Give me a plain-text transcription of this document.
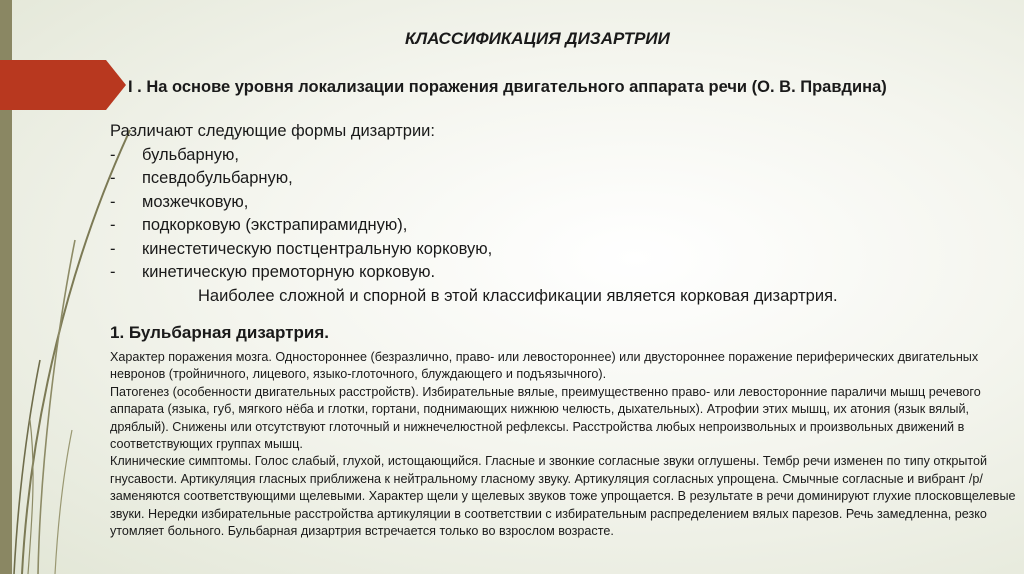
КЛАССИФИКАЦИЯ ДИЗАРТРИИ
I . На основе уровня локализации поражения двигательного аппарата речи (О. В. Правдина)

Различают следующие формы дизартрии:

-	бульбарную,
-	псевдобульбарную,
-	мозжечковую,
-	подкорковую (экстрапирамидную),
-	кинестетическую постцентральную корковую,
-	кинетическую премоторную корковую.
Наиболее сложной и спорной в этой классификации является корковая дизартрия.
1. Бульбарная дизартрия.

Характер поражения мозга. Одностороннее (безразлично, право- или левостороннее) или двустороннее поражение периферических двигательных невронов (тройничного, лицевого, языко-глоточного, блуждающего и подъязычного).

Патогенез (особенности двигательных расстройств). Избирательные вялые, преимущественно право- или левосторонние параличи мышц речевого аппарата (языка, губ, мягкого нёба и глотки, гортани, поднимающих нижнюю челюсть, дыхательных). Атрофии этих мышц, их атония (язык вялый, дряблый). Снижены или отсутствуют глоточный и нижнечелюстной рефлексы. Расстройства любых непроизвольных и произвольных движений в соответствующих группах мышц.

Клинические симптомы. Голос слабый, глухой, истощающийся. Гласные и звонкие согласные звуки оглушены. Тембр речи изменен по типу открытой гнусавости. Артикуляция гласных приближена к нейтральному гласному звуку. Артикуляция согласных упрощена. Смычные согласные и вибрант /р/ заменяются соответствующими щелевыми. Характер щели у щелевых звуков тоже упрощается. В результате в речи доминируют глухие плосковщелевые звуки. Нередки избирательные расстройства артикуляции в соответствии с избирательным распределением вялых парезов. Речь замедленна, резко утомляет больного. Бульбарная дизартрия встречается только во взрослом возрасте.
